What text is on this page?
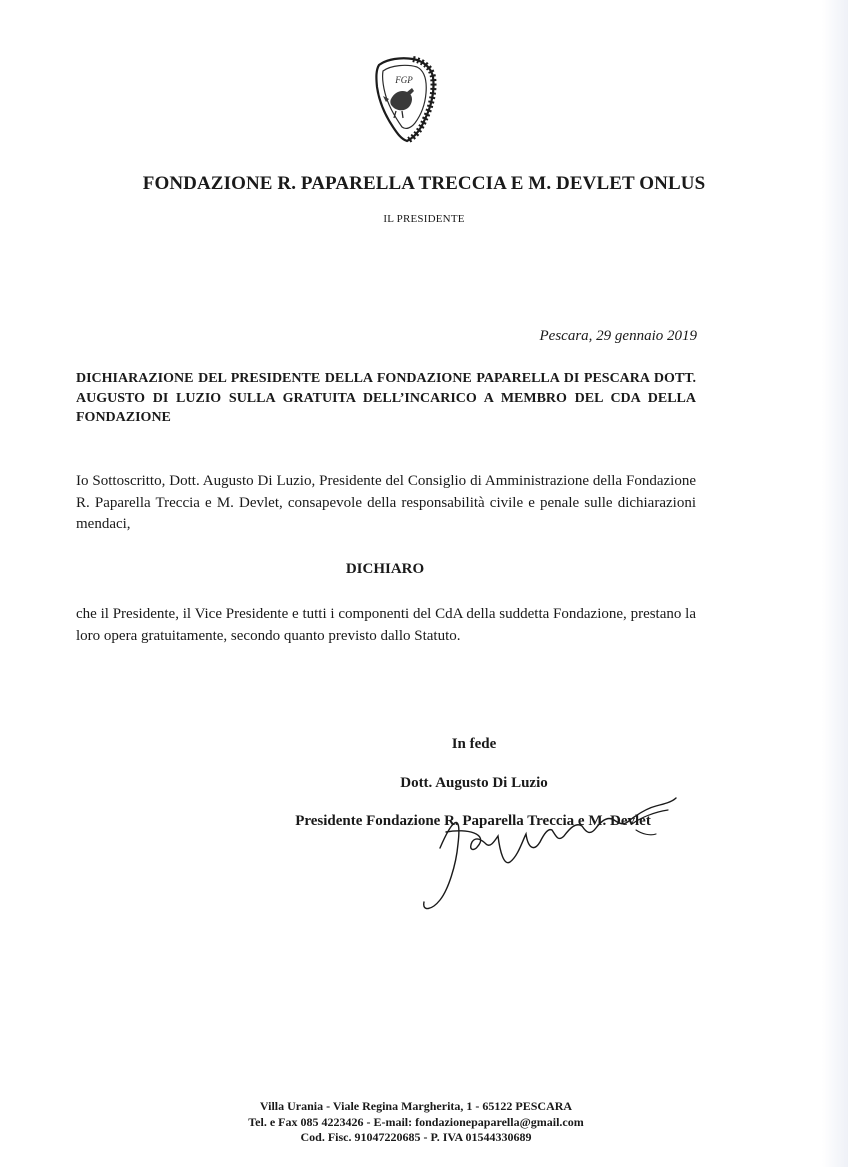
FGP
FONDAZIONE R. PAPARELLA TRECCIA E M. DEVLET ONLUS
IL PRESIDENTE
Pescara, 29 gennaio 2019
DICHIARAZIONE DEL PRESIDENTE DELLA FONDAZIONE PAPARELLA DI PESCARA DOTT. AUGUSTO DI LUZIO SULLA GRATUITA DELL’INCARICO A MEMBRO DEL CDA DELLA FONDAZIONE
Io Sottoscritto, Dott. Augusto Di Luzio, Presidente del Consiglio di Amministrazione della Fondazione R. Paparella Treccia e M. Devlet, consapevole della responsabilità civile e penale sulle dichiarazioni mendaci,
DICHIARO
che il Presidente, il Vice Presidente e tutti i componenti del CdA della suddetta Fondazione, prestano la loro opera gratuitamente, secondo quanto previsto dallo Statuto.
In fede
Dott. Augusto Di Luzio
Presidente Fondazione R. Paparella Treccia e M. Devlet
Villa Urania - Viale Regina Margherita, 1 - 65122 PESCARA
Tel. e Fax 085 4223426 - E-mail: fondazionepaparella@gmail.com
Cod. Fisc. 91047220685 - P. IVA 01544330689
